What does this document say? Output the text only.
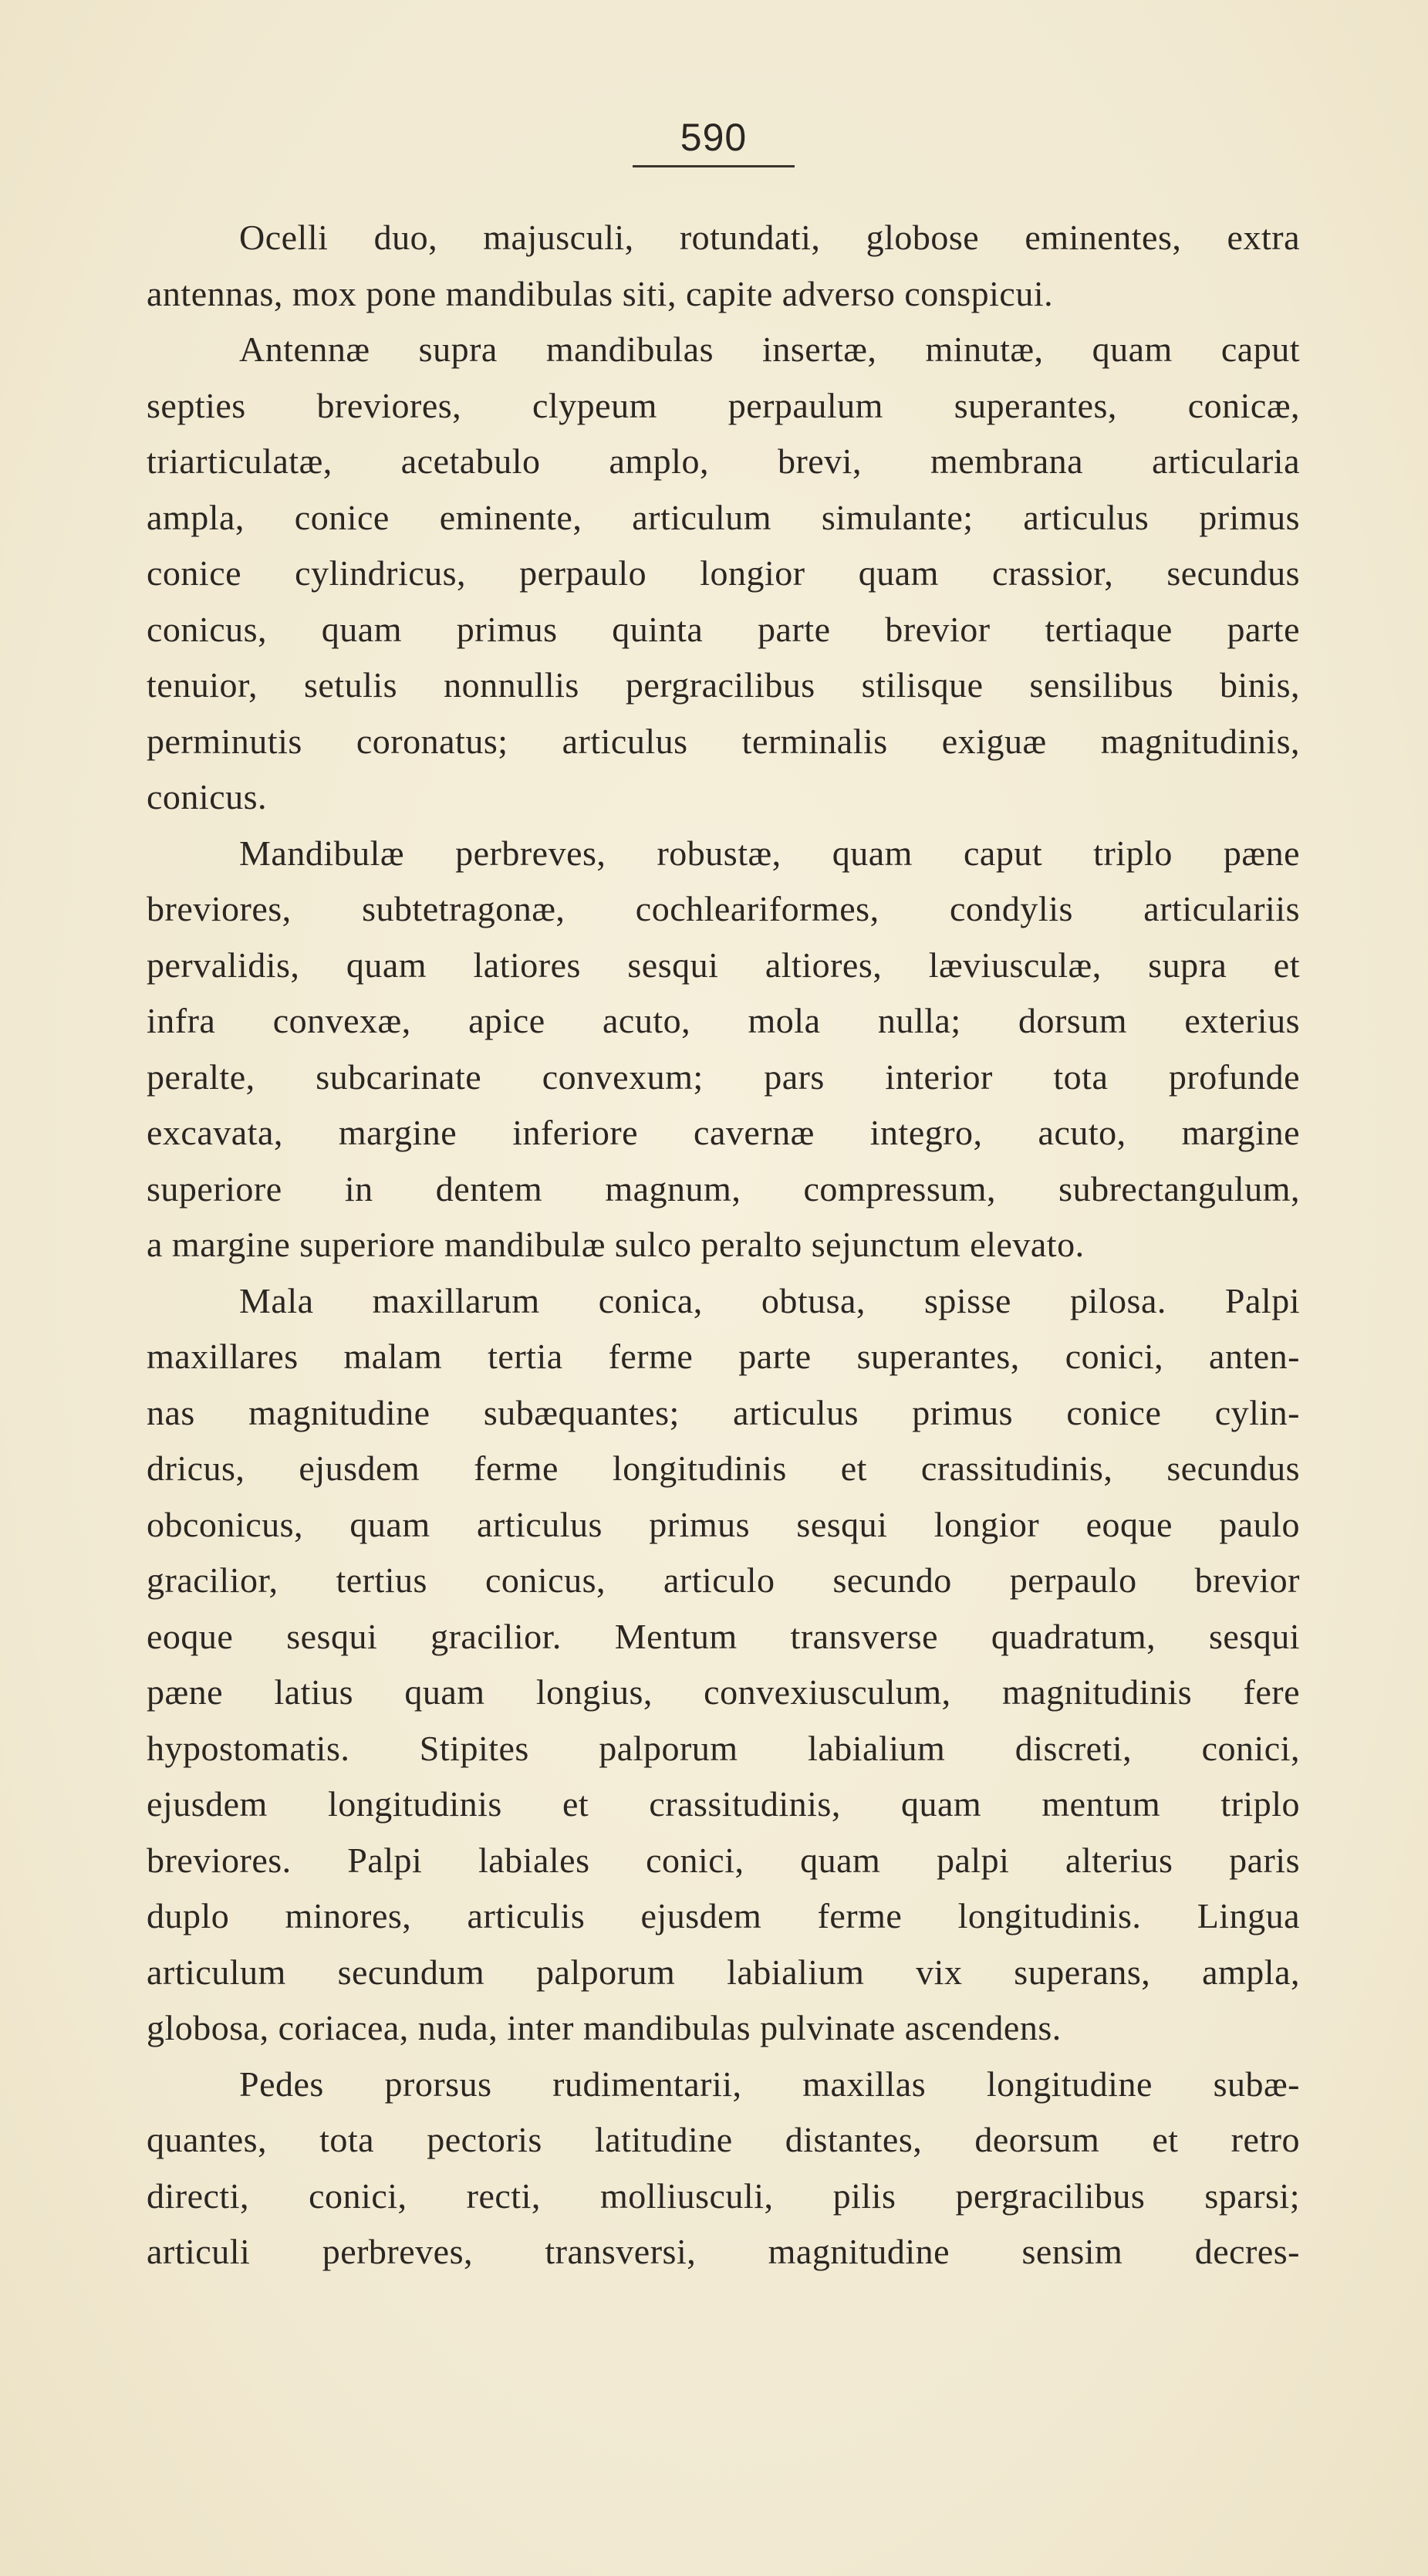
590

Ocelli duo, majusculi, rotundati, globose eminentes, extra
antennas, mox pone mandibulas siti, capite adverso conspicui.

Antennæ supra mandibulas insertæ, minutæ, quam caput
septies breviores, clypeum perpaulum superantes, conicæ,
triarticulatæ, acetabulo amplo, brevi, membrana articularia
ampla, conice eminente, articulum simulante; articulus primus
conice cylindricus, perpaulo longior quam crassior, secundus
conicus, quam primus quinta parte brevior tertiaque parte
tenuior, setulis nonnullis pergracilibus stilisque sensilibus binis,
perminutis coronatus; articulus terminalis exiguæ magnitudinis,
conicus.

Mandibulæ perbreves, robustæ, quam caput triplo pæne
breviores, subtetragonæ, cochleariformes, condylis articulariis
pervalidis, quam latiores sesqui altiores, læviusculæ, supra et
infra convexæ, apice acuto, mola nulla; dorsum exterius
peralte, subcarinate convexum; pars interior tota profunde
excavata, margine inferiore cavernæ integro, acuto, margine
superiore in dentem magnum, compressum, subrectangulum,
a margine superiore mandibulæ sulco peralto sejunctum elevato.

Mala maxillarum conica, obtusa, spisse pilosa. Palpi
maxillares malam tertia ferme parte superantes, conici, anten-
nas magnitudine subæquantes; articulus primus conice cylin-
dricus, ejusdem ferme longitudinis et crassitudinis, secundus
obconicus, quam articulus primus sesqui longior eoque paulo
gracilior, tertius conicus, articulo secundo perpaulo brevior
eoque sesqui gracilior. Mentum transverse quadratum, sesqui
pæne latius quam longius, convexiusculum, magnitudinis fere
hypostomatis. Stipites palporum labialium discreti, conici,
ejusdem longitudinis et crassitudinis, quam mentum triplo
breviores. Palpi labiales conici, quam palpi alterius paris
duplo minores, articulis ejusdem ferme longitudinis. Lingua
articulum secundum palporum labialium vix superans, ampla,
globosa, coriacea, nuda, inter mandibulas pulvinate ascendens.

Pedes prorsus rudimentarii, maxillas longitudine subæ-
quantes, tota pectoris latitudine distantes, deorsum et retro
directi, conici, recti, molliusculi, pilis pergracilibus sparsi;
articuli perbreves, transversi, magnitudine sensim decres-
